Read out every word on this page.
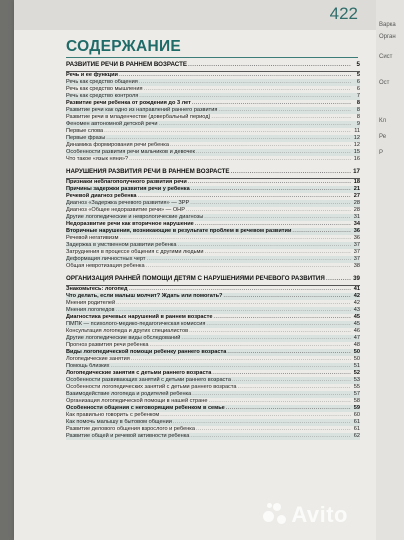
422
СОДЕРЖАНИЕ
РАЗВИТИЕ РЕЧИ В РАННЕМ ВОЗРАСТЕ .....	5
Речь и ее функции .....	5
Речь как средство общения .....	6
Речь как средство мышления .....	6
Речь как средство контроля .....	7
Развитие речи ребенка от рождения до 3 лет .....	8
Развитие речи как одно из направлений раннего развития .....	8
Развитие речи в младенчестве (доверб‌альный период) .....	8
Феномен автономной детской речи .....	9
Первые слова .....	11
Первые фразы .....	12
Динамика формирования речи ребенка .....	12
Особенности развития речи мальчиков и девочек .....	15
Что такое «язык няни»? .....	16
НАРУШЕНИЯ РАЗВИТИЯ РЕЧИ В РАННЕМ ВОЗРАСТЕ .....	17
Признаки неблагополучного развития речи .....	18
Причины задержки развития речи у ребенка .....	21
Речевой диагноз ребенка .....	27
Диагноз «Задержка речевого развития» — ЗРР .....	28
Диагноз «Общее недоразвитие речи» — ОНР .....	28
Другие логопедические и неврологические диагнозы .....	31
Недоразвитие речи как вторичное нарушение .....	34
Вторичные нарушения, возникающие в результате проблем в речевом развитии .....	36
Речевой негативизм .....	36
Задержка в умственном развитии ребенка .....	37
Затруднения в процессе общения с другими людьми .....	37
Деформация личностных черт .....	37
Общая невротизация ребенка .....	38
ОРГАНИЗАЦИЯ РАННЕЙ ПОМОЩИ ДЕТЯМ С НАРУШЕНИЯМИ РЕЧЕВОГО РАЗВИТИЯ .....	39
Знакомьтесь: логопед .....	41
Что делать, если малыш молчит? Ждать или помогать? .....	42
Мнения родителей .....	42
Мнения логопедов .....	43
Диагностика речевых нарушений в раннем возрасте .....	45
ПМПК — психолого-медико-педагогическая комиссия .....	45
Консультация логопеда и других специалистов .....	46
Другие логопедические виды обследований .....	47
Прогноз развития речи ребенка .....	48
Виды логопедической помощи ребенку раннего возраста .....	50
Логопедические занятия .....	50
Помощь близких .....	51
Логопедические занятия с детьми раннего возраста .....	52
Особенности развивающих занятий с детьми раннего возраста .....	53
Особенности логопедических занятий с детьми раннего возраста .....	55
Взаимодействие логопеда и родителей ребенка .....	57
Организация логопедической помощи в нашей стране .....	58
Особенности общения с неговорящим ребенком в семье .....	59
Как правильно говорить с ребенком .....	60
Как помочь малышу в бытовом общении .....	61
Развитие делового общения взрослого и ребенка .....	61
Развитие общей и речевой активности ребенка .....	62
Avito
Варка
Орган
Сист
Ост
Кл
Ре
Р
